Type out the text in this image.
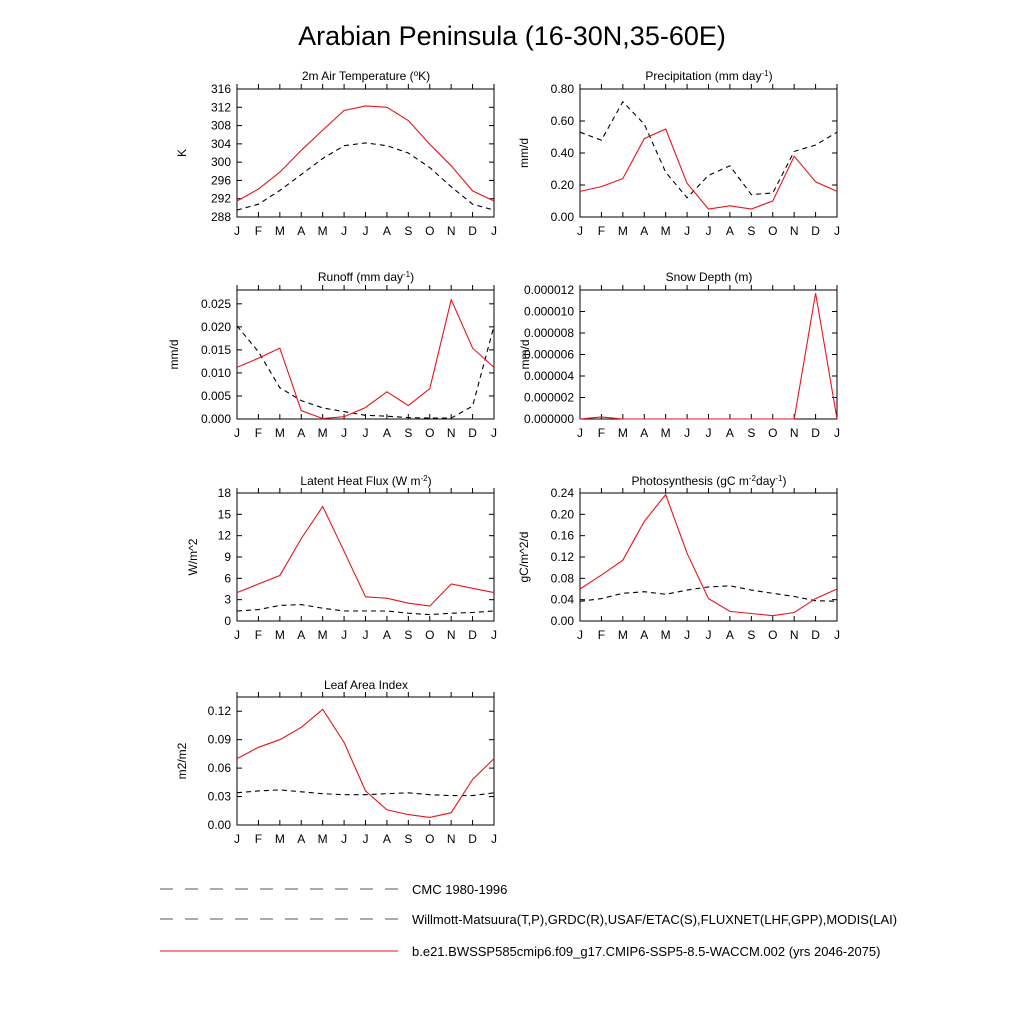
Arabian Peninsula (16-30N,35-60E)
2m Air Temperature ($^o$K)	Precipitation (mm day$^{-1}$)
Runoff (mm day$^{-1}$)	Snow Depth (m)
Latent Heat Flux (W $m^{-2}$)	Photosynthesis (gC $m^{-2}day^{-1}$)
Leaf Area Index
CMC 1980-1996
Willmott-Matsuura(T,P),GRDC(R),USAF/ETAC(S),FLUXNET(LHF,GPP),MODIS(LAI)
b.e21.BWSSP585cmip6.f09_g17.CMIP6-SSP5-8.5-WACCM.002 (yrs 2046-2075)
J F M A M J J A S O N D J
316
312
308
304
300
296
292
288
K
J F M A M J J A S O N D J
0.80
0.60
0.40
0.20
0.00
mm/d
J F M A M J J A S O N D J
0.025
0.020
0.015
0.010
0.005
0.000
mm/d
J F M A M J J A S O N D J
0.000012
0.000010
0.000008
0.000006
0.000004
0.000002
0.000000
mm/d
J F M A M J J A S O N D J
18
15
12
9
6
3
0
W/m^2
J F M A M J J A S O N D J
0.24
0.20
0.16
0.12
0.08
0.04
0.00
gC/m^2/d
J F M A M J J A S O N D J
0.12
0.09
0.06
0.03
0.00
m2/m2
